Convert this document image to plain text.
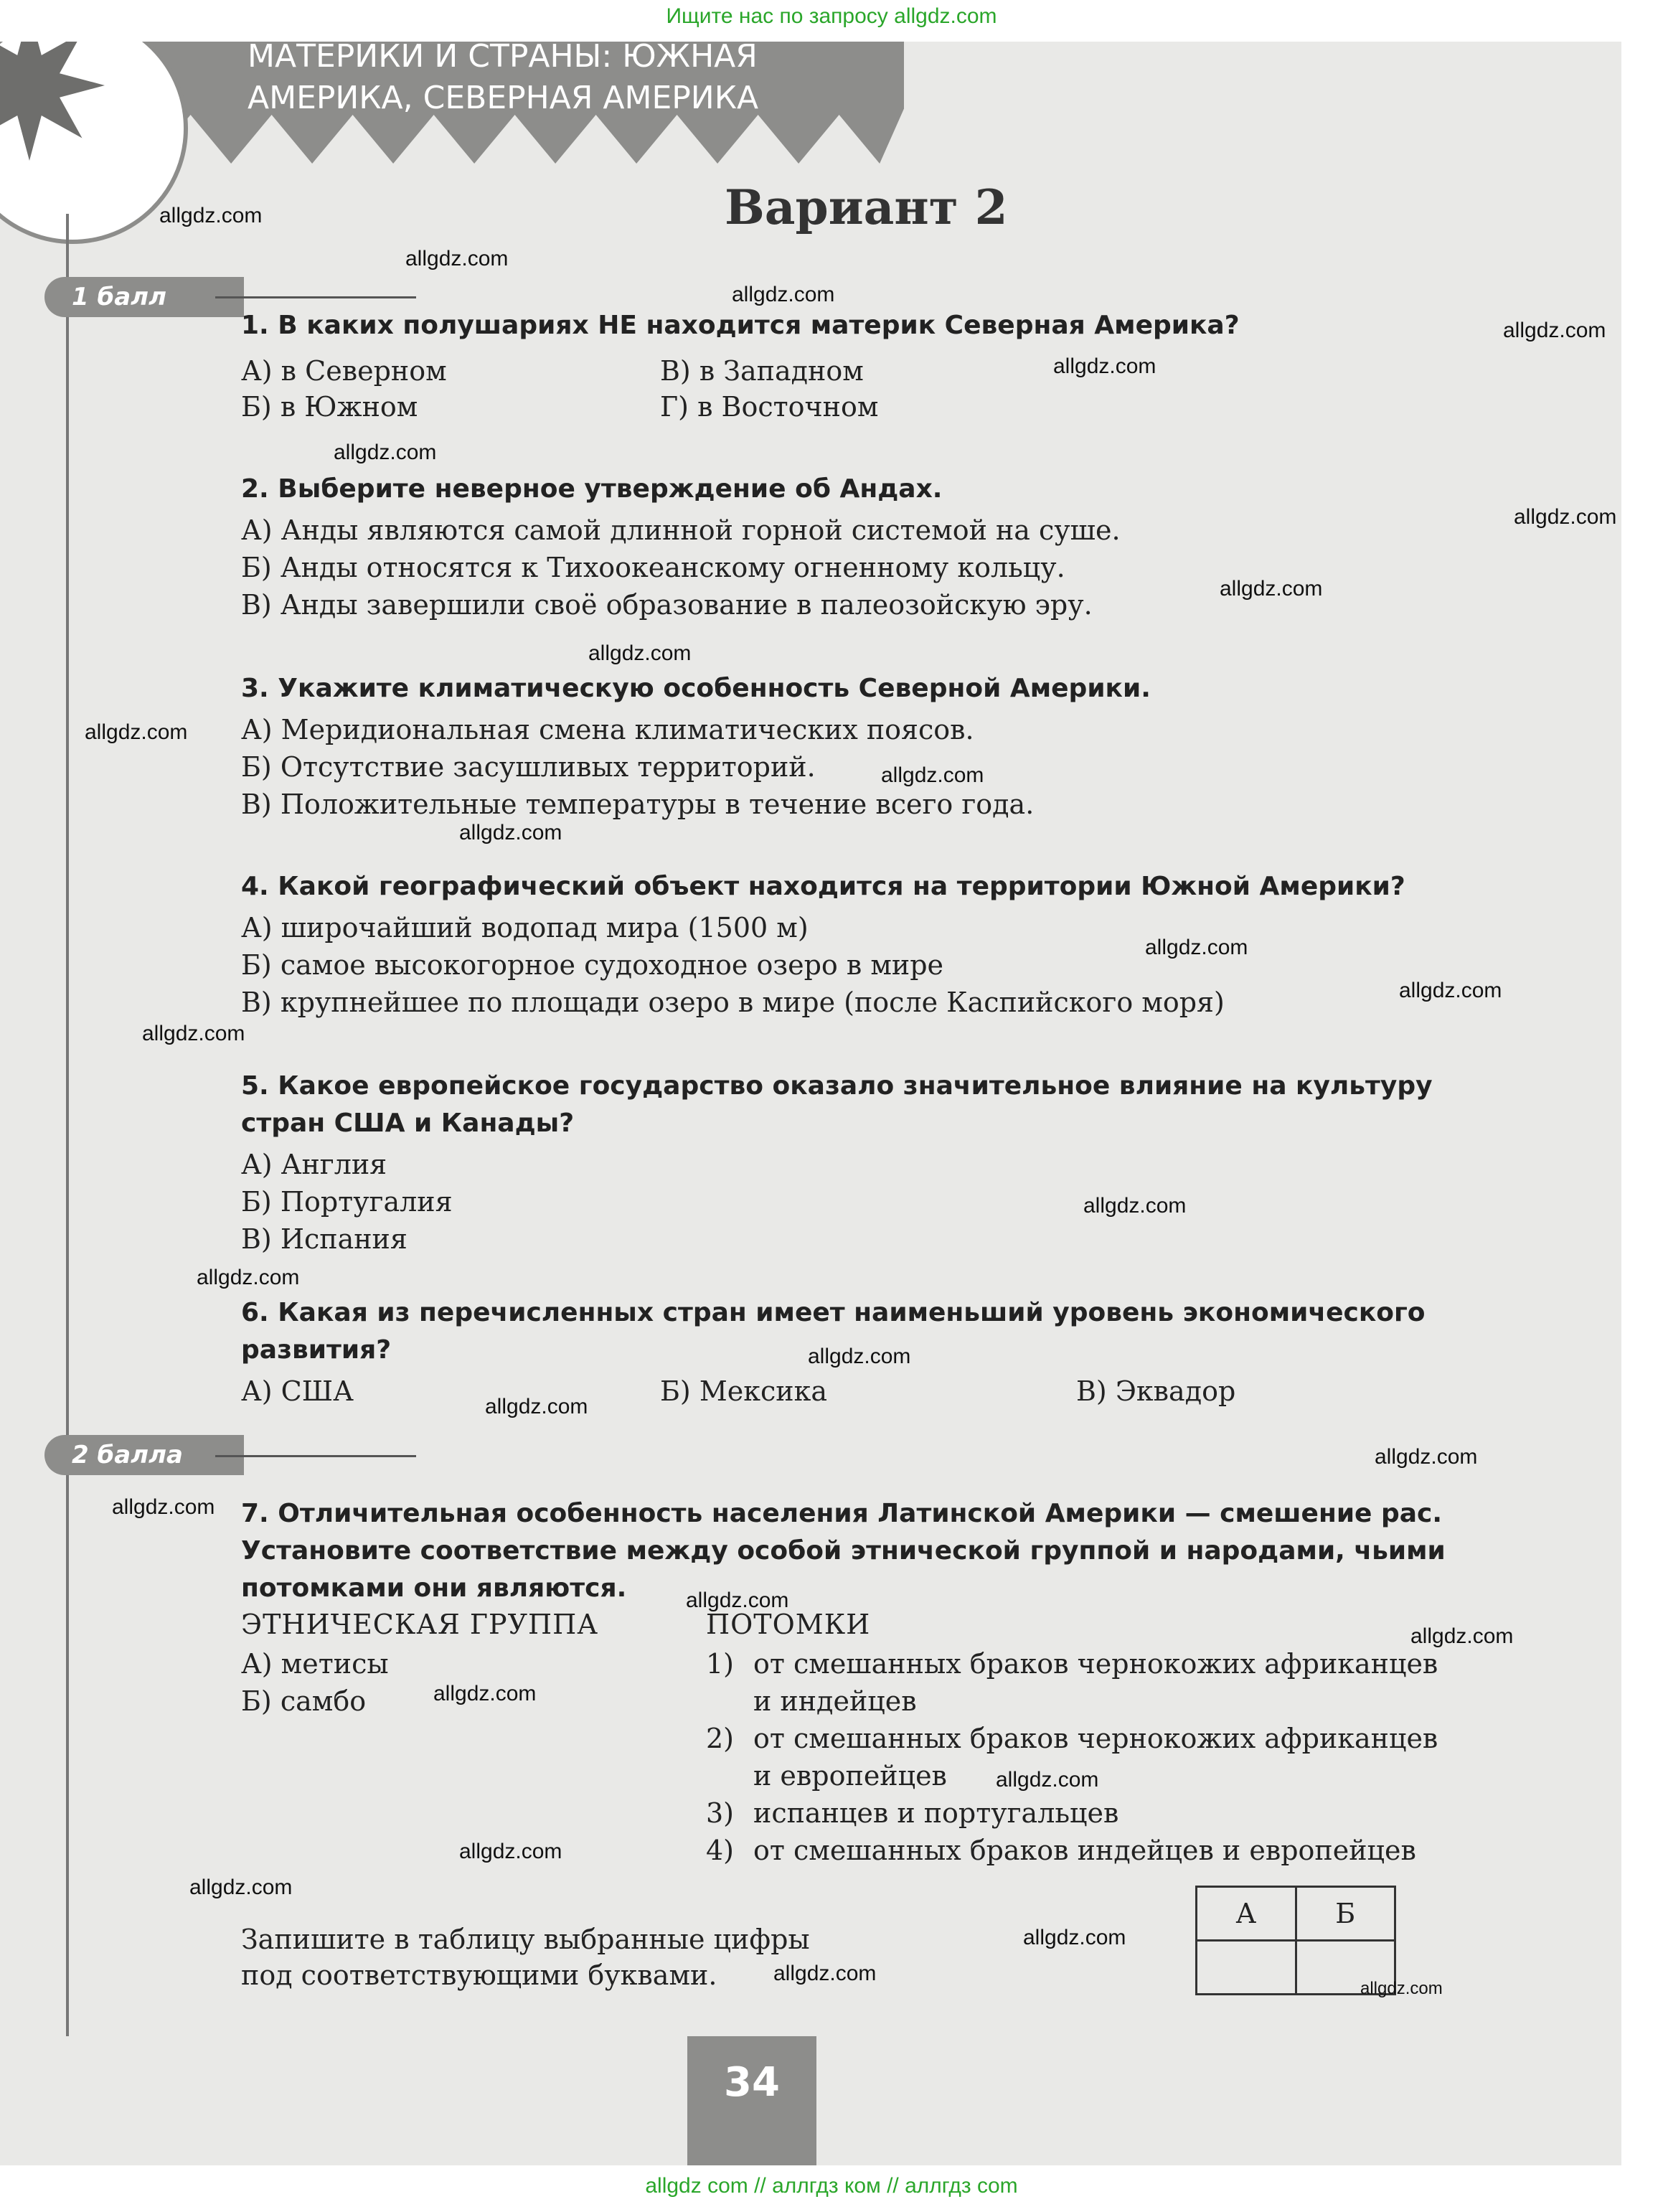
Ищите нас по запросу allgdz.com
МАТЕРИКИ И СТРАНЫ: ЮЖНАЯ
АМЕРИКА, СЕВЕРНАЯ АМЕРИКА
Вариант 2
1 балл
1. В каких полушариях НЕ находится материк Северная Америка?
А) в Северном
Б) в Южном
В) в Западном
Г) в Восточном
2. Выберите неверное утверждение об Андах.
А) Анды являются самой длинной горной системой на суше.
Б) Анды относятся к Тихоокеанскому огненному кольцу.
В) Анды завершили своё образование в палеозойскую эру.
3. Укажите климатическую особенность Северной Америки.
А) Меридиональная смена климатических поясов.
Б) Отсутствие засушливых территорий.
В) Положительные температуры в течение всего года.
4. Какой географический объект находится на территории Южной Америки?
А) широчайший водопад мира (1500 м)
Б) самое высокогорное судоходное озеро в мире
В) крупнейшее по площади озеро в мире (после Каспийского моря)
5. Какое европейское государство оказало значительное влияние на культуру стран США и Канады?
А) Англия
Б) Португалия
В) Испания
6. Какая из перечисленных стран имеет наименьший уровень экономического развития?
А) США	Б) Мексика	В) Эквадор
2 балла
7. Отличительная особенность населения Латинской Америки — смешение рас. Установите соответствие между особой этнической группой и народами, чьими потомками они являются.
ЭТНИЧЕСКАЯ ГРУППА	ПОТОМКИ
А) метисы
Б) самбо
1) от смешанных браков чернокожих африканцев
и индейцев
2) от смешанных браков чернокожих африканцев
и европейцев
3) испанцев и португальцев
4) от смешанных браков индейцев и европейцев
Запишите в таблицу выбранные цифры
под соответствующими буквами.
А	Б

34
allgdz.com
allgdz.com
allgdz.com
allgdz.com
allgdz.com
allgdz.com
allgdz.com
allgdz.com
allgdz.com
allgdz.com
allgdz.com
allgdz.com
allgdz.com
allgdz.com
allgdz.com
allgdz.com
allgdz.com
allgdz.com
allgdz.com
allgdz.com
allgdz.com
allgdz.com
allgdz.com
allgdz.com
allgdz.com
allgdz.com
allgdz.com
allgdz.com
allgdz.com
allgdz.com
allgdz com // аллгдз ком // аллгдз com
